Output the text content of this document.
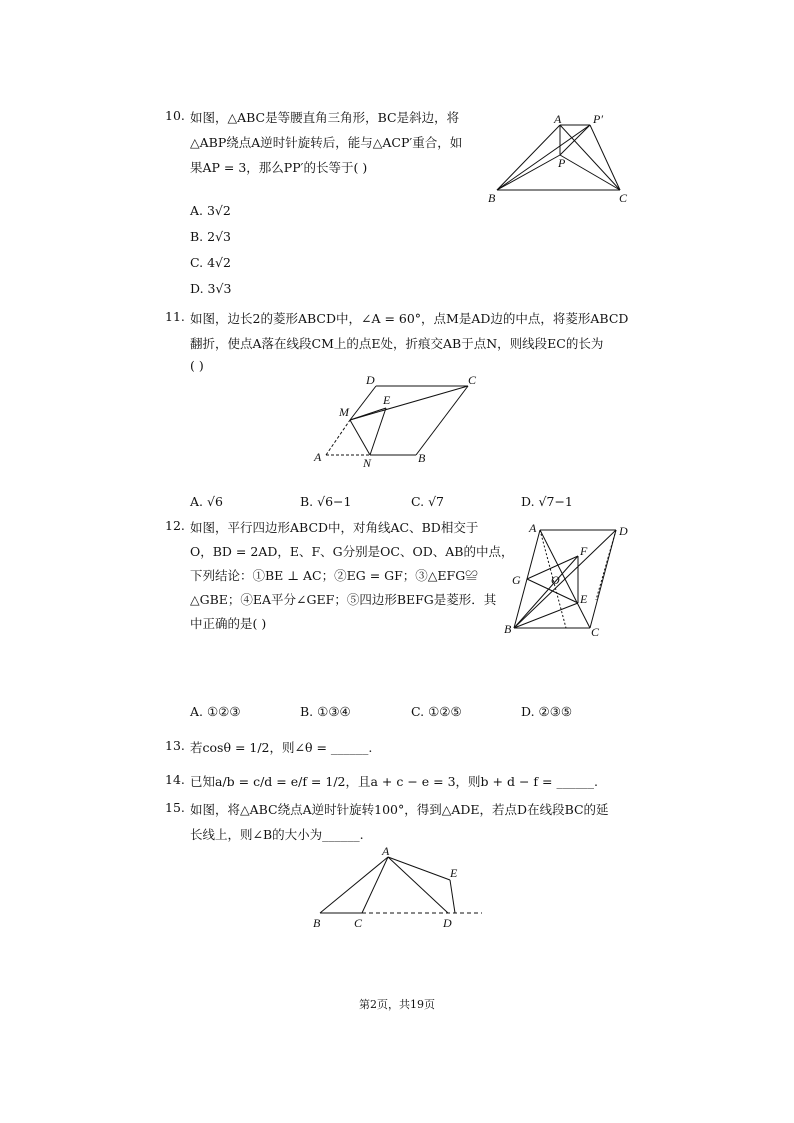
10. 如图，△ABC是等腰直角三角形，BC是斜边，将
△ABP绕点A逆时针旋转后，能与△ACP′重合，如
果AP = 3，那么PP′的长等于( )
A. 3√2
B. 2√3
C. 4√2
D. 3√3
A	P′
P
B	C
11. 如图，边长2的菱形ABCD中，∠A = 60°，点M是AD边的中点，将菱形ABCD
翻折，使点A落在线段CM上的点E处，折痕交AB于点N，则线段EC的长为
( )
D	C
M
E
A	N	B
A. √6	B. √6−1	C. √7	D. √7−1
12. 如图，平行四边形ABCD中，对角线AC、BD相交于
O，BD = 2AD，E、F、G分别是OC、OD、AB的中点，
下列结论：①BE ⊥ AC；②EG = GF；③△EFG≌
△GBE；④EA平分∠GEF；⑤四边形BEFG是菱形．其
中正确的是( )
A	D
F
G	O
E
B	C
A. ①②③	B. ①③④	C. ①②⑤	D. ②③⑤
13. 若cosθ = 1/2，则∠θ = ______.
14. 已知a/b = c/d = e/f = 1/2，且a + c − e = 3，则b + d − f = ______.
15. 如图，将△ABC绕点A逆时针旋转100°，得到△ADE，若点D在线段BC的延
长线上，则∠B的大小为______.
A
E
B	C	D
第2页，共19页
